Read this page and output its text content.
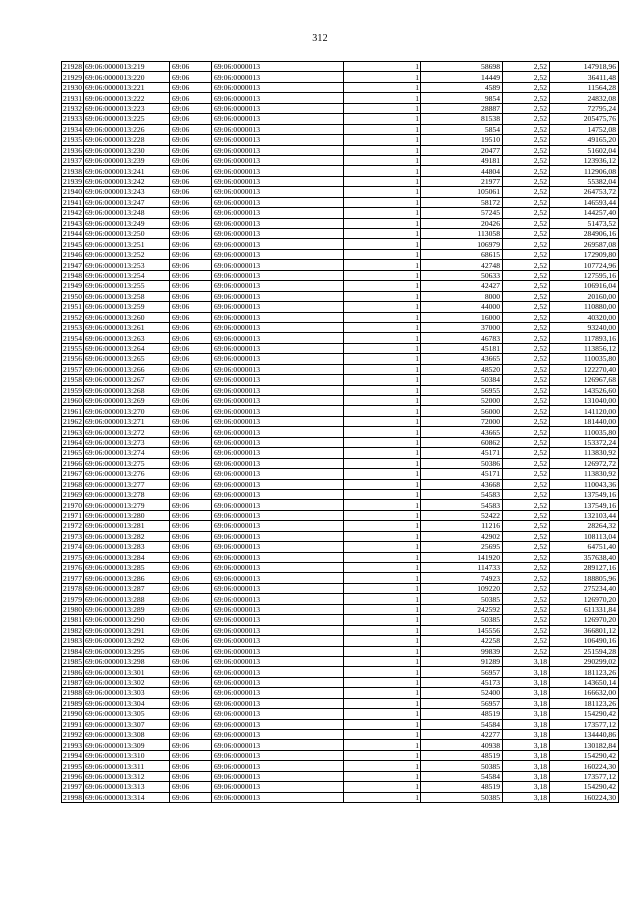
312
21928	69:06:0000013:219	69:06	69:06:0000013	1	58698	2,52	147918,96
21929	69:06:0000013:220	69:06	69:06:0000013	1	14449	2,52	36411,48
21930	69:06:0000013:221	69:06	69:06:0000013	1	4589	2,52	11564,28
21931	69:06:0000013:222	69:06	69:06:0000013	1	9854	2,52	24832,08
21932	69:06:0000013:223	69:06	69:06:0000013	1	28887	2,52	72795,24
21933	69:06:0000013:225	69:06	69:06:0000013	1	81538	2,52	205475,76
21934	69:06:0000013:226	69:06	69:06:0000013	1	5854	2,52	14752,08
21935	69:06:0000013:228	69:06	69:06:0000013	1	19510	2,52	49165,20
21936	69:06:0000013:230	69:06	69:06:0000013	1	20477	2,52	51602,04
21937	69:06:0000013:239	69:06	69:06:0000013	1	49181	2,52	123936,12
21938	69:06:0000013:241	69:06	69:06:0000013	1	44804	2,52	112906,08
21939	69:06:0000013:242	69:06	69:06:0000013	1	21977	2,52	55382,04
21940	69:06:0000013:243	69:06	69:06:0000013	1	105061	2,52	264753,72
21941	69:06:0000013:247	69:06	69:06:0000013	1	58172	2,52	146593,44
21942	69:06:0000013:248	69:06	69:06:0000013	1	57245	2,52	144257,40
21943	69:06:0000013:249	69:06	69:06:0000013	1	20426	2,52	51473,52
21944	69:06:0000013:250	69:06	69:06:0000013	1	113058	2,52	284906,16
21945	69:06:0000013:251	69:06	69:06:0000013	1	106979	2,52	269587,08
21946	69:06:0000013:252	69:06	69:06:0000013	1	68615	2,52	172909,80
21947	69:06:0000013:253	69:06	69:06:0000013	1	42748	2,52	107724,96
21948	69:06:0000013:254	69:06	69:06:0000013	1	50633	2,52	127595,16
21949	69:06:0000013:255	69:06	69:06:0000013	1	42427	2,52	106916,04
21950	69:06:0000013:258	69:06	69:06:0000013	1	8000	2,52	20160,00
21951	69:06:0000013:259	69:06	69:06:0000013	1	44000	2,52	110880,00
21952	69:06:0000013:260	69:06	69:06:0000013	1	16000	2,52	40320,00
21953	69:06:0000013:261	69:06	69:06:0000013	1	37000	2,52	93240,00
21954	69:06:0000013:263	69:06	69:06:0000013	1	46783	2,52	117893,16
21955	69:06:0000013:264	69:06	69:06:0000013	1	45181	2,52	113856,12
21956	69:06:0000013:265	69:06	69:06:0000013	1	43665	2,52	110035,80
21957	69:06:0000013:266	69:06	69:06:0000013	1	48520	2,52	122270,40
21958	69:06:0000013:267	69:06	69:06:0000013	1	50384	2,52	126967,68
21959	69:06:0000013:268	69:06	69:06:0000013	1	56955	2,52	143526,60
21960	69:06:0000013:269	69:06	69:06:0000013	1	52000	2,52	131040,00
21961	69:06:0000013:270	69:06	69:06:0000013	1	56000	2,52	141120,00
21962	69:06:0000013:271	69:06	69:06:0000013	1	72000	2,52	181440,00
21963	69:06:0000013:272	69:06	69:06:0000013	1	43665	2,52	110035,80
21964	69:06:0000013:273	69:06	69:06:0000013	1	60862	2,52	153372,24
21965	69:06:0000013:274	69:06	69:06:0000013	1	45171	2,52	113830,92
21966	69:06:0000013:275	69:06	69:06:0000013	1	50386	2,52	126972,72
21967	69:06:0000013:276	69:06	69:06:0000013	1	45171	2,52	113830,92
21968	69:06:0000013:277	69:06	69:06:0000013	1	43668	2,52	110043,36
21969	69:06:0000013:278	69:06	69:06:0000013	1	54583	2,52	137549,16
21970	69:06:0000013:279	69:06	69:06:0000013	1	54583	2,52	137549,16
21971	69:06:0000013:280	69:06	69:06:0000013	1	52422	2,52	132103,44
21972	69:06:0000013:281	69:06	69:06:0000013	1	11216	2,52	28264,32
21973	69:06:0000013:282	69:06	69:06:0000013	1	42902	2,52	108113,04
21974	69:06:0000013:283	69:06	69:06:0000013	1	25695	2,52	64751,40
21975	69:06:0000013:284	69:06	69:06:0000013	1	141920	2,52	357638,40
21976	69:06:0000013:285	69:06	69:06:0000013	1	114733	2,52	289127,16
21977	69:06:0000013:286	69:06	69:06:0000013	1	74923	2,52	188805,96
21978	69:06:0000013:287	69:06	69:06:0000013	1	109220	2,52	275234,40
21979	69:06:0000013:288	69:06	69:06:0000013	1	50385	2,52	126970,20
21980	69:06:0000013:289	69:06	69:06:0000013	1	242592	2,52	611331,84
21981	69:06:0000013:290	69:06	69:06:0000013	1	50385	2,52	126970,20
21982	69:06:0000013:291	69:06	69:06:0000013	1	145556	2,52	366801,12
21983	69:06:0000013:292	69:06	69:06:0000013	1	42258	2,52	106490,16
21984	69:06:0000013:295	69:06	69:06:0000013	1	99839	2,52	251594,28
21985	69:06:0000013:298	69:06	69:06:0000013	1	91289	3,18	290299,02
21986	69:06:0000013:301	69:06	69:06:0000013	1	56957	3,18	181123,26
21987	69:06:0000013:302	69:06	69:06:0000013	1	45173	3,18	143650,14
21988	69:06:0000013:303	69:06	69:06:0000013	1	52400	3,18	166632,00
21989	69:06:0000013:304	69:06	69:06:0000013	1	56957	3,18	181123,26
21990	69:06:0000013:305	69:06	69:06:0000013	1	48519	3,18	154290,42
21991	69:06:0000013:307	69:06	69:06:0000013	1	54584	3,18	173577,12
21992	69:06:0000013:308	69:06	69:06:0000013	1	42277	3,18	134440,86
21993	69:06:0000013:309	69:06	69:06:0000013	1	40938	3,18	130182,84
21994	69:06:0000013:310	69:06	69:06:0000013	1	48519	3,18	154290,42
21995	69:06:0000013:311	69:06	69:06:0000013	1	50385	3,18	160224,30
21996	69:06:0000013:312	69:06	69:06:0000013	1	54584	3,18	173577,12
21997	69:06:0000013:313	69:06	69:06:0000013	1	48519	3,18	154290,42
21998	69:06:0000013:314	69:06	69:06:0000013	1	50385	3,18	160224,30
